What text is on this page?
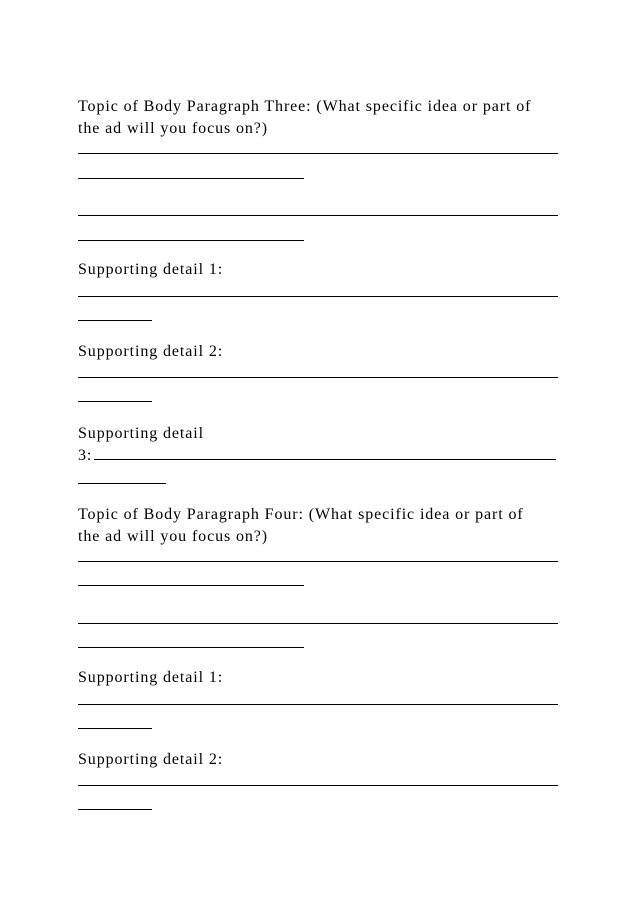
Topic of Body Paragraph Three: (What specific idea or part of

the ad will you focus on?)

Supporting detail 1:

Supporting detail 2:

Supporting detail

3:

Topic of Body Paragraph Four: (What specific idea or part of

the ad will you focus on?)

Supporting detail 1:

Supporting detail 2:
